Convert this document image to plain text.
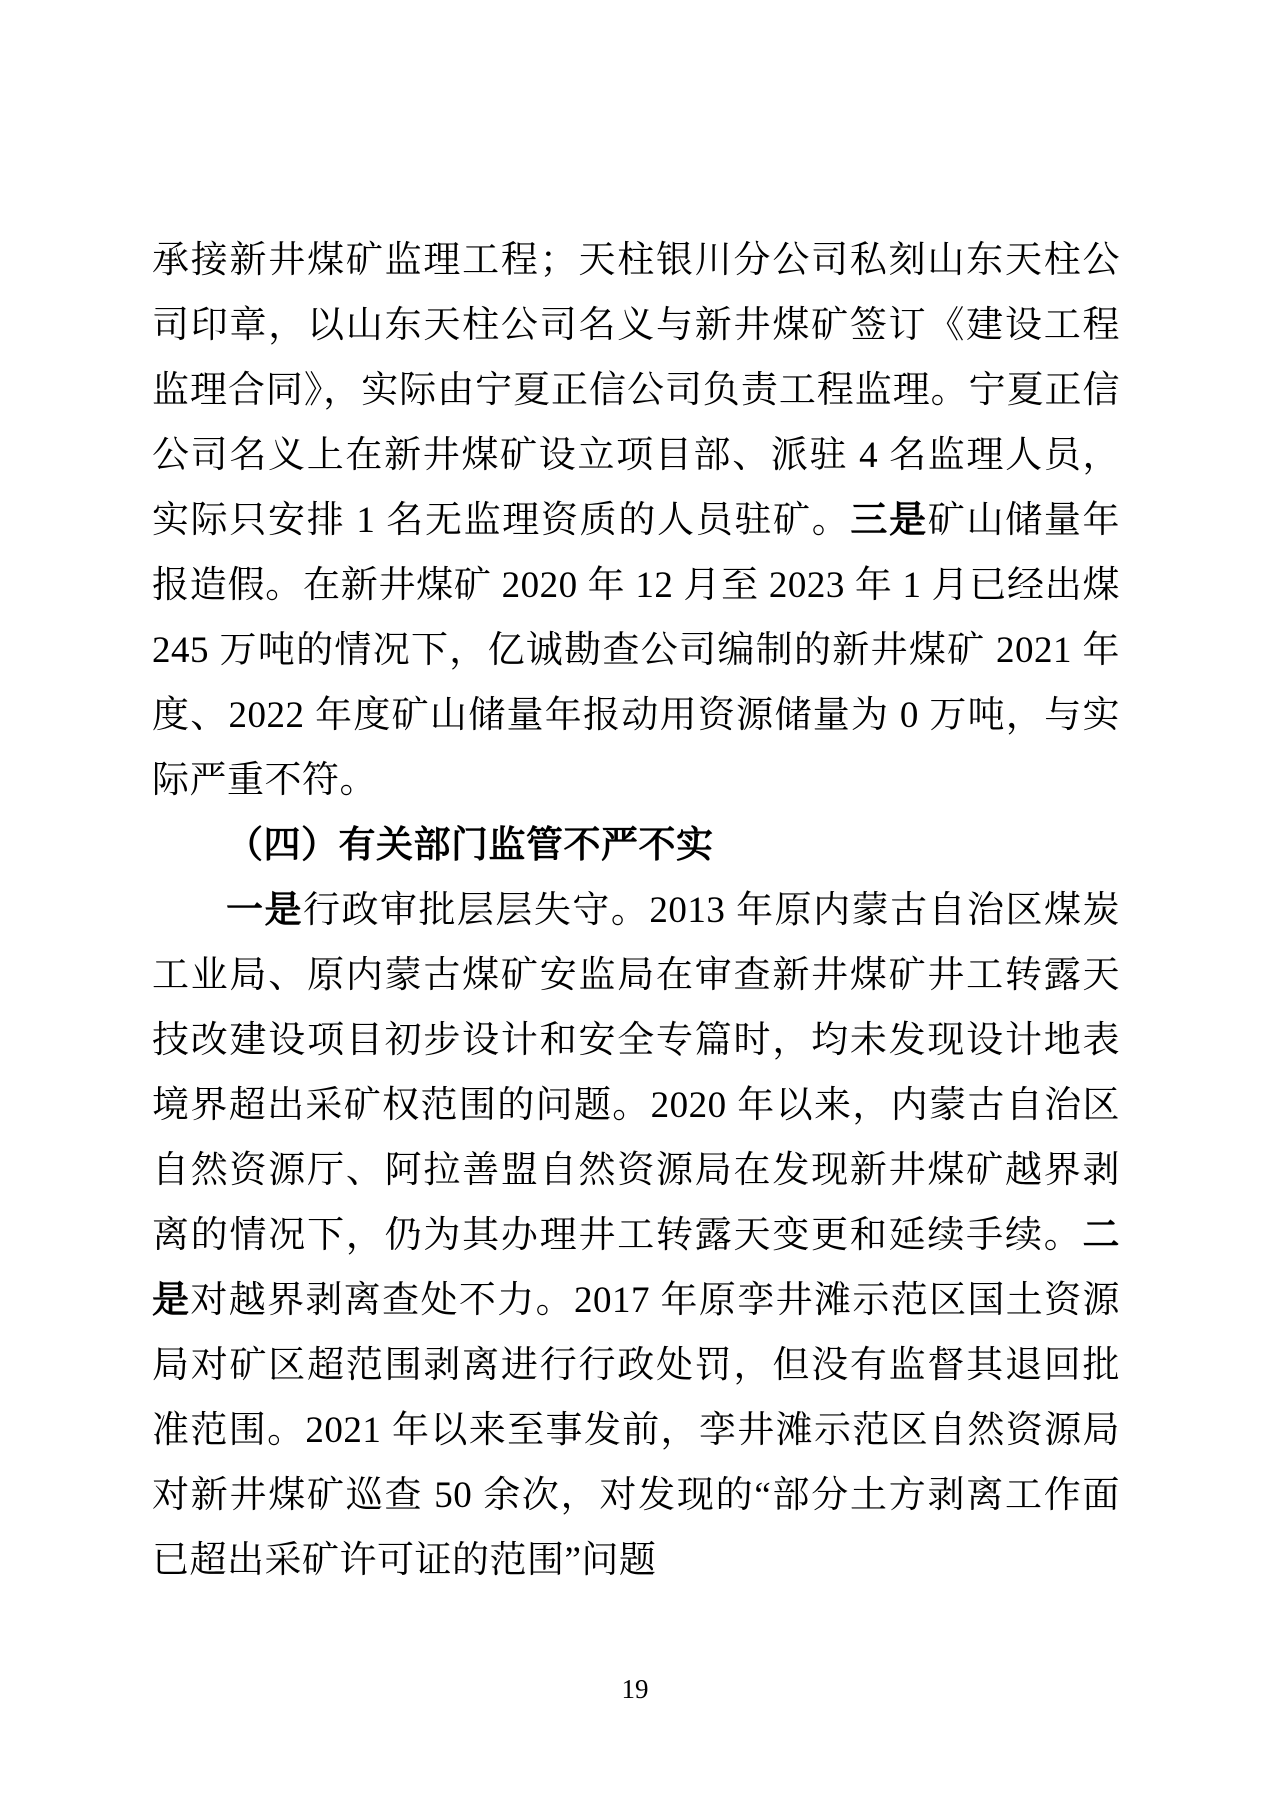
承接新井煤矿监理工程；天柱银川分公司私刻山东天柱公司印章，以山东天柱公司名义与新井煤矿签订《建设工程监理合同》，实际由宁夏正信公司负责工程监理。宁夏正信公司名义上在新井煤矿设立项目部、派驻 4 名监理人员，实际只安排 1 名无监理资质的人员驻矿。三是矿山储量年报造假。在新井煤矿 2020 年 12 月至 2023 年 1 月已经出煤 245 万吨的情况下，亿诚勘查公司编制的新井煤矿 2021 年度、2022 年度矿山储量年报动用资源储量为 0 万吨，与实际严重不符。

（四）有关部门监管不严不实

一是行政审批层层失守。2013 年原内蒙古自治区煤炭工业局、原内蒙古煤矿安监局在审查新井煤矿井工转露天技改建设项目初步设计和安全专篇时，均未发现设计地表境界超出采矿权范围的问题。2020 年以来，内蒙古自治区自然资源厅、阿拉善盟自然资源局在发现新井煤矿越界剥离的情况下，仍为其办理井工转露天变更和延续手续。二是对越界剥离查处不力。2017 年原孪井滩示范区国土资源局对矿区超范围剥离进行行政处罚，但没有监督其退回批准范围。2021 年以来至事发前，孪井滩示范区自然资源局对新井煤矿巡查 50 余次，对发现的“部分土方剥离工作面已超出采矿许可证的范围”问题

19
